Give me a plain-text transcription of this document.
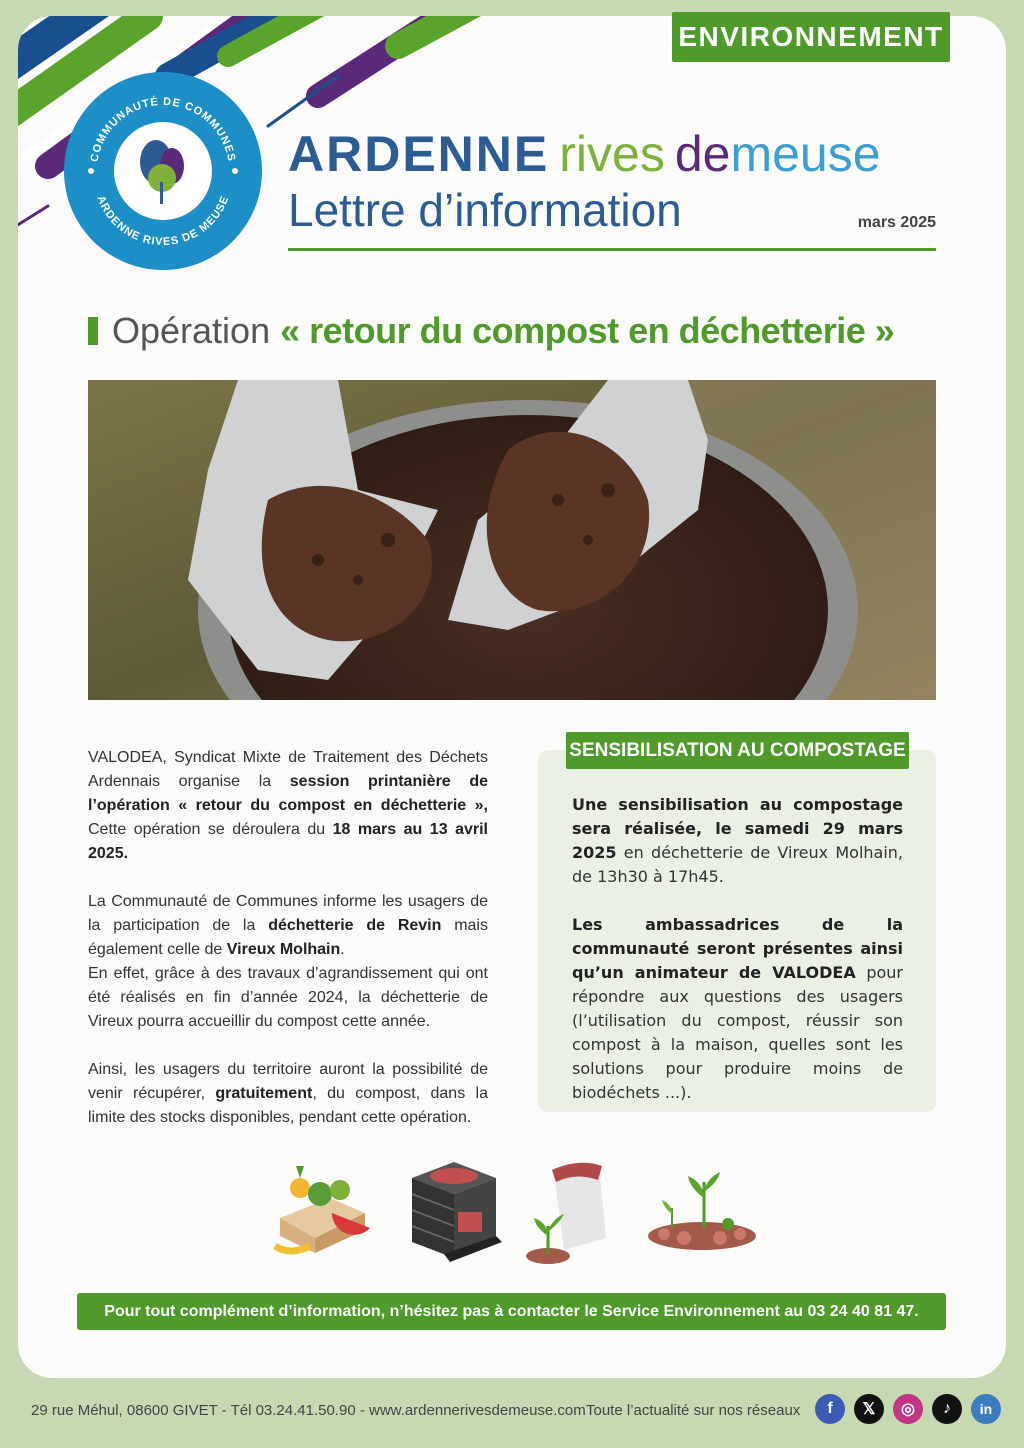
COMMUNAUTÉ DE COMMUNES
ARDENNE RIVES DE MEUSE
ENVIRONNEMENT
ARDENNE rives demeuse
Lettre d’information	mars 2025
Opération « retour du compost en déchetterie »

VALODEA, Syndicat Mixte de Traitement des Déchets Ardennais organise la session printanière de l’opération « retour du compost en déchetterie », Cette opération se déroulera du 18 mars au 13 avril 2025.

La Communauté de Communes informe les usagers de la participation de la déchetterie de Revin mais également celle de Vireux Molhain.
En effet, grâce à des travaux d’agrandissement qui ont été réalisés en fin d’année 2024, la déchetterie de Vireux pourra accueillir du compost cette année.

Ainsi, les usagers du territoire auront la possibilité de venir récupérer, gratuitement, du compost, dans la limite des stocks disponibles, pendant cette opération.

SENSIBILISATION AU COMPOSTAGE

Une sensibilisation au compostage sera réalisée, le samedi 29 mars 2025 en déchetterie de Vireux Molhain, de 13h30 à 17h45.

Les ambassadrices de la communauté seront présentes ainsi qu’un animateur de VALODEA pour répondre aux questions des usagers (l’utilisation du compost, réussir son compost à la maison, quelles sont les solutions pour produire moins de biodéchets ...).

Pour tout complément d’information, n’hésitez pas à contacter le Service Environnement au 03 24 40 81 47.
29 rue Méhul, 08600 GIVET - Tél 03.24.41.50.90 - www.ardennerivesdemeuse.com Toute l’actualité sur nos réseaux	f	𝕏	◎	♪	in
